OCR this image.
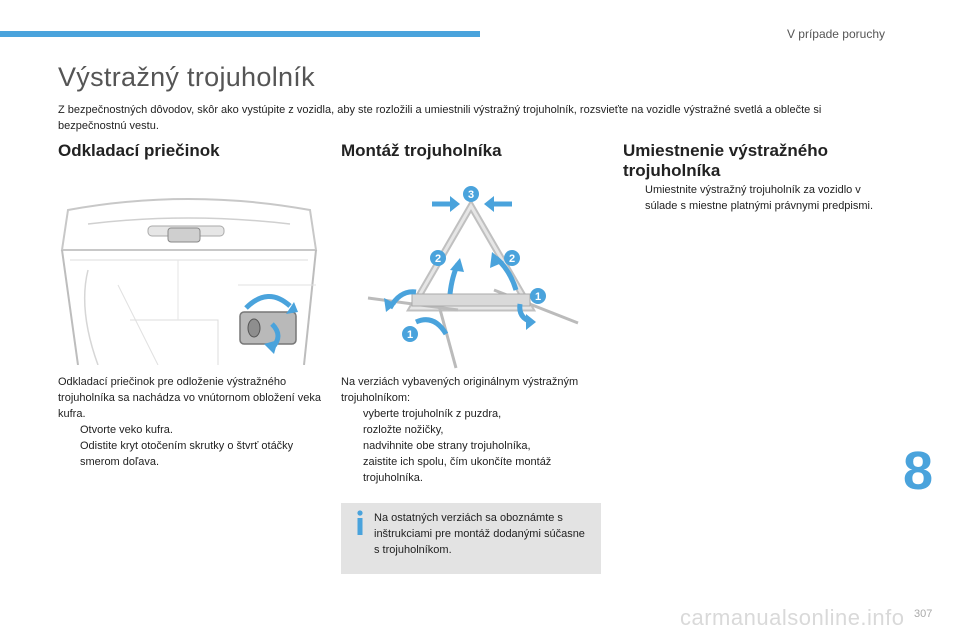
V prípade poruchy
Výstražný trojuholník
Z bezpečnostných dôvodov, skôr ako vystúpite z vozidla, aby ste rozložili a umiestnili výstražný trojuholník, rozsvieťte na vozidle výstražné svetlá a oblečte si bezpečnostnú vestu.
Odkladací priečinok	Montáž trojuholníka	Umiestnenie výstražného trojuholníka
3
2	2
1
1
Odkladací priečinok pre odloženie výstražného trojuholníka sa nachádza vo vnútornom obložení veka kufra.
Otvorte veko kufra.
Odistite kryt otočením skrutky o štvrť otáčky smerom doľava.
Na verziách vybavených originálnym výstražným trojuholníkom:
vyberte trojuholník z puzdra,
rozložte nožičky,
nadvihnite obe strany trojuholníka,
zaistite ich spolu, čím ukončíte montáž trojuholníka.
Na ostatných verziách sa oboznámte s inštrukciami pre montáž dodanými súčasne s trojuholníkom.
Umiestnite výstražný trojuholník za vozidlo v súlade s miestne platnými právnymi predpismi.
8
carmanualsonline.info 307
